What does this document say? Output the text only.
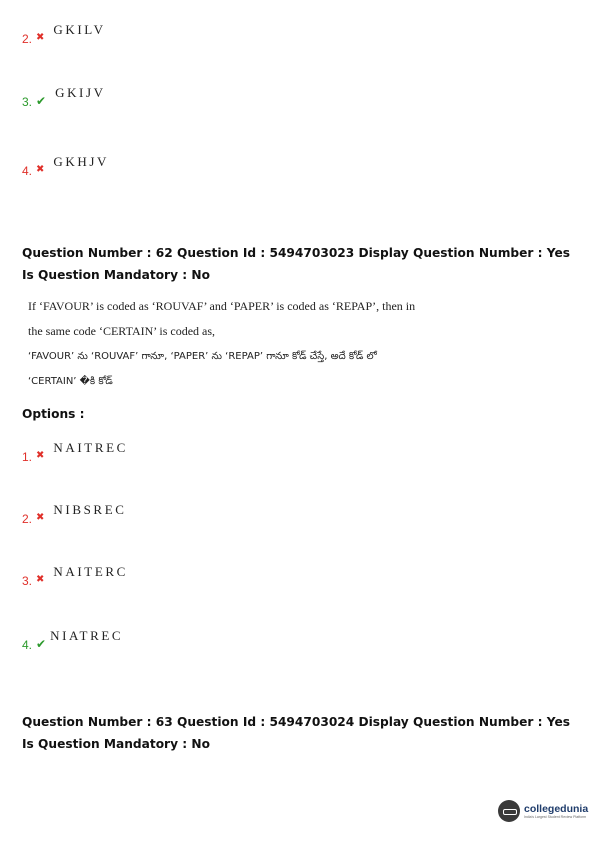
2. ✖
GKILV
3. ✔
GKIJV
4. ✖
GKHJV
Question Number : 62 Question Id : 5494703023 Display Question Number : Yes Is Question Mandatory : No
If ‘FAVOUR’ is coded as ‘ROUVAF’ and ‘PAPER’ is coded as ‘REPAP’, then in
the same code ‘CERTAIN’ is coded as,
‘FAVOUR’ ను ‘ROUVAF’ గానూ, ‘PAPER’ ను ‘REPAP’ గానూ కోడ్ చేస్తే, అదే కోడ్ లో
‘CERTAIN’ �కి కోడ్
Options :
1. ✖
NAITREC
2. ✖
NIBSREC
3. ✖
NAITERC
4. ✔
NIATREC
Question Number : 63 Question Id : 5494703024 Display Question Number : Yes Is Question Mandatory : No
collegedunia
India's Largest Student Review Platform
